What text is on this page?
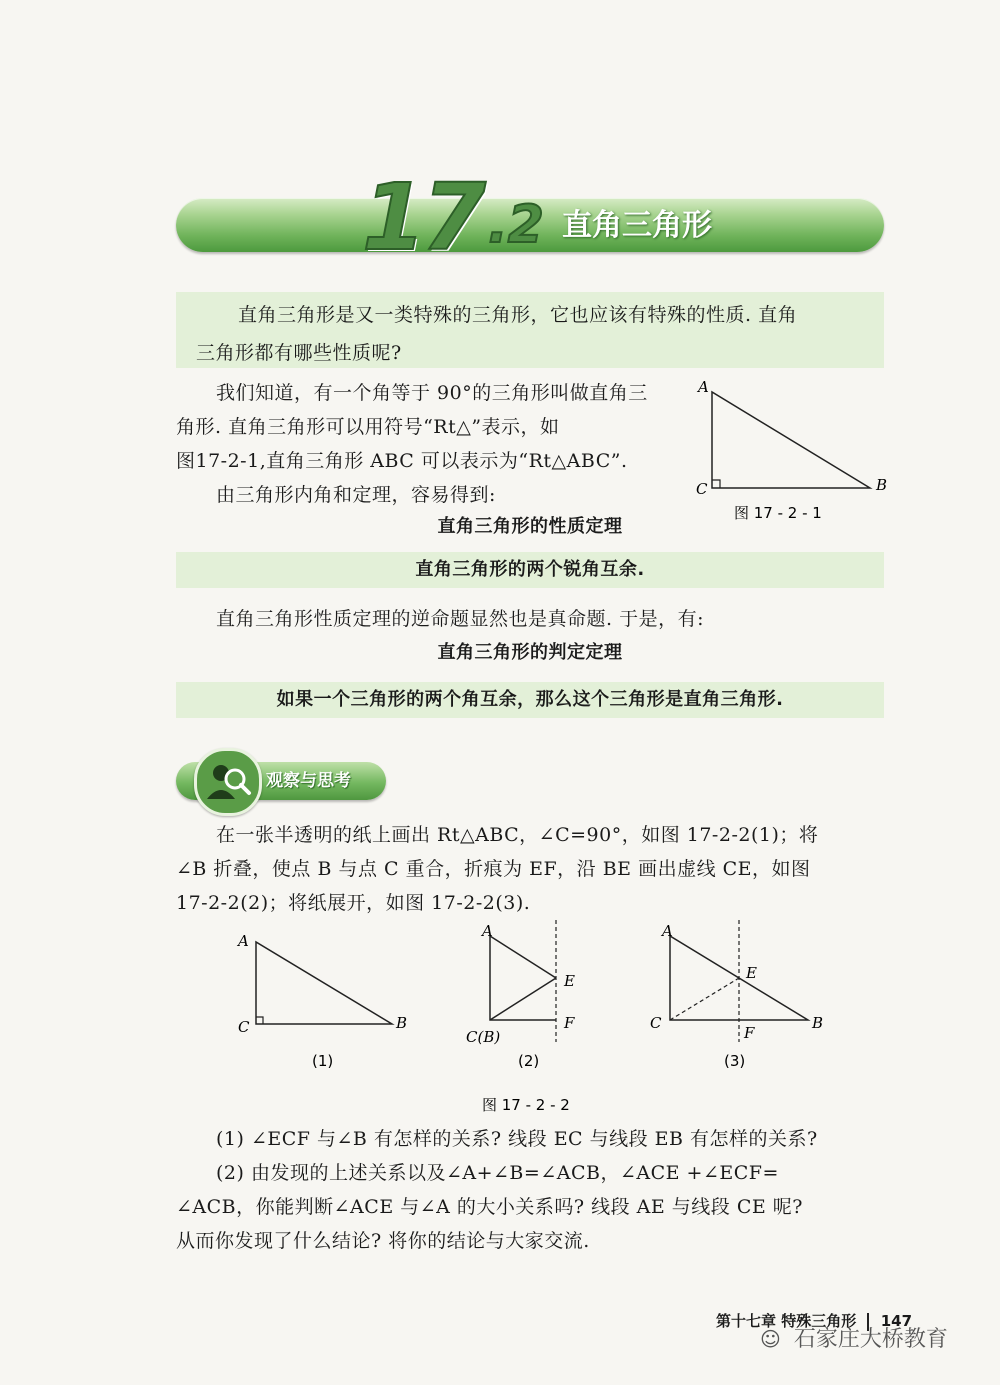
17 .2 直角三角形
直角三角形是又一类特殊的三角形，它也应该有特殊的性质. 直角
三角形都有哪些性质呢?
我们知道，有一个角等于 90°的三角形叫做直角三
角形. 直角三角形可以用符号“Rt△”表示，如
图17-2-1,直角三角形 ABC 可以表示为“Rt△ABC”.
由三角形内角和定理，容易得到:
A
C	B
图 17 - 2 - 1
直角三角形的性质定理
直角三角形的两个锐角互余.
直角三角形性质定理的逆命题显然也是真命题. 于是，有:
直角三角形的判定定理
如果一个三角形的两个角互余，那么这个三角形是直角三角形.
观察与思考
在一张半透明的纸上画出 Rt△ABC，∠C=90°，如图 17-2-2(1)；将
∠B 折叠，使点 B 与点 C 重合，折痕为 EF，沿 BE 画出虚线 CE，如图
17-2-2(2)；将纸展开，如图 17-2-2(3).
A
C	B
(1)
A
E
F
C(B)
(2)
A
E
F
C	B
(3)
图 17 - 2 - 2
(1) ∠ECF 与∠B 有怎样的关系? 线段 EC 与线段 EB 有怎样的关系?
(2) 由发现的上述关系以及∠A+∠B=∠ACB，∠ACE +∠ECF=
∠ACB，你能判断∠ACE 与∠A 的大小关系吗? 线段 AE 与线段 CE 呢?
从而你发现了什么结论? 将你的结论与大家交流.
第十七章 特殊三角形 147
☺ 石家庄大桥教育
